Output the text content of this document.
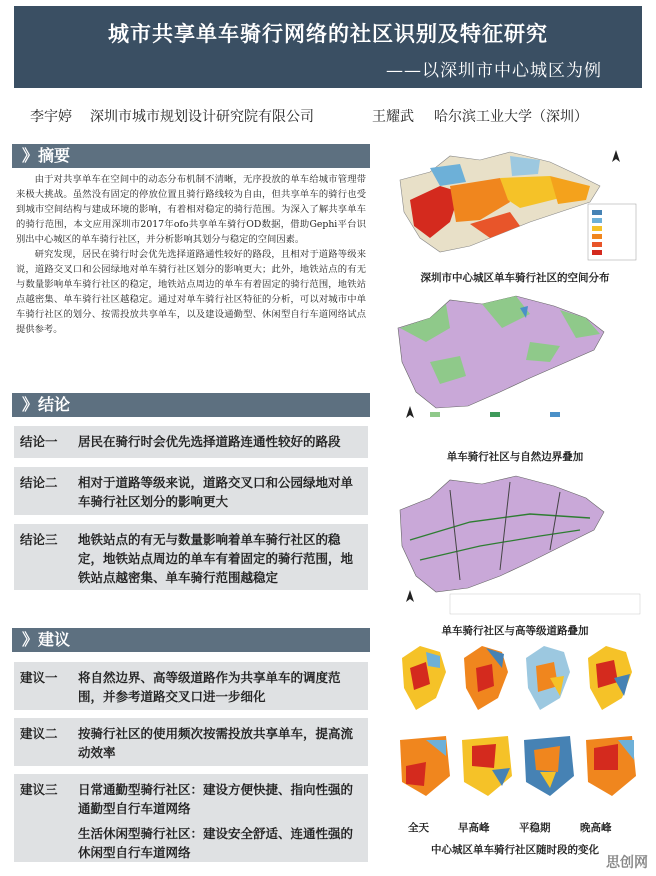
城市共享单车骑行网络的社区识别及特征研究
——以深圳市中心城区为例
李宇婷 深圳市城市规划设计研究院有限公司	王耀武 哈尔滨工业大学（深圳）
》摘要

由于对共享单车在空间中的动态分布机制不清晰，无序投放的单车给城市管理带来极大挑战。虽然没有固定的停放位置且骑行路线较为自由，但共享单车的骑行也受到城市空间结构与建成环境的影响，有着相对稳定的骑行范围。为深入了解共享单车的骑行范围，本文应用深圳市2017年ofo共享单车骑行OD数据，借助Gephi平台识别出中心城区的单车骑行社区，并分析影响其划分与稳定的空间因素。

研究发现，居民在骑行时会优先选择道路通性较好的路段，且相对于道路等级来说，道路交叉口和公园绿地对单车骑行社区划分的影响更大；此外，地铁站点的有无与数量影响单车骑行社区的稳定，地铁站点周边的单车有着固定的骑行范围，地铁站点越密集、单车骑行社区越稳定。通过对单车骑行社区特征的分析，可以对城市中单车骑行社区的划分、按需投放共享单车，以及建设通勤型、休闲型自行车道网络试点提供参考。

》结论
结论一 居民在骑行时会优先选择道路连通性较好的路段
结论二 相对于道路等级来说，道路交叉口和公园绿地对单车骑行社区划分的影响更大
结论三 地铁站点的有无与数量影响着单车骑行社区的稳定，地铁站点周边的单车有着固定的骑行范围，地铁站点越密集、单车骑行范围越稳定
》建议
建议一 将自然边界、高等级道路作为共享单车的调度范围，并参考道路交叉口进一步细化
建议二 按骑行社区的使用频次按需投放共享单车，提高流动效率
建议三 日常通勤型骑行社区：建设方便快捷、指向性强的通勤型自行车道网络
生活休闲型骑行社区：建设安全舒适、连通性强的休闲型自行车道网络
深圳市中心城区单车骑行社区的空间分布
单车骑行社区与自然边界叠加
单车骑行社区与高等级道路叠加
全天	早高峰	平稳期	晚高峰
中心城区单车骑行社区随时段的变化
思创网
